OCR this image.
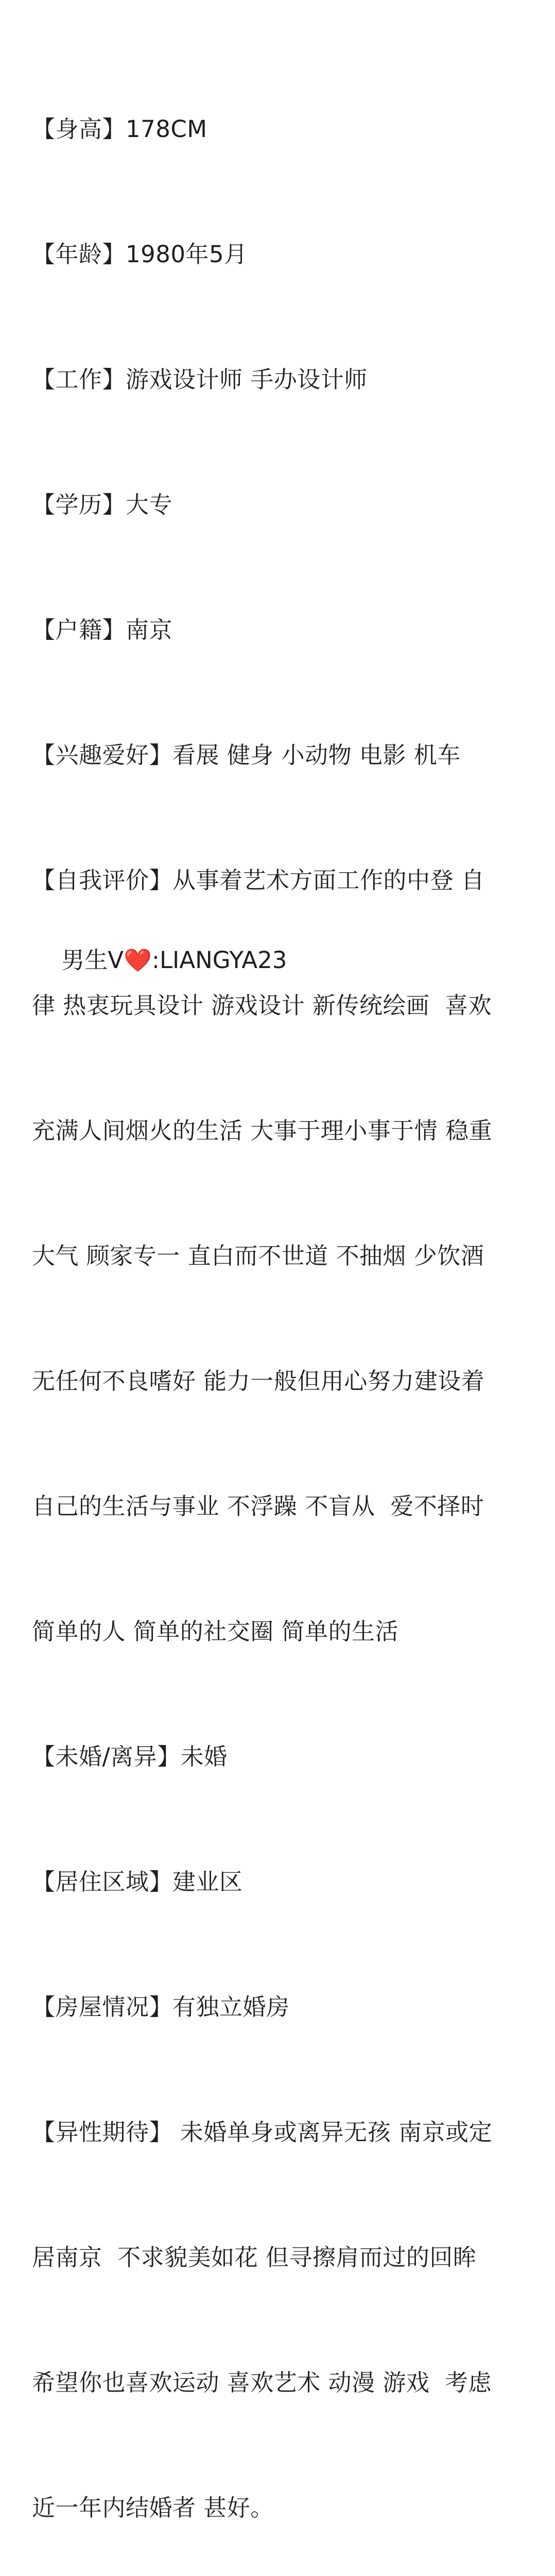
【身高】178CM

【年龄】1980年5月

【工作】游戏设计师 手办设计师

【学历】大专

【户籍】南京

【兴趣爱好】看展 健身 小动物 电影 机车

【自我评价】从事着艺术方面工作的中登 自

律 热衷玩具设计 游戏设计 新传统绘画  喜欢

充满人间烟火的生活 大事于理小事于情 稳重

大气 顾家专一 直白而不世道 不抽烟 少饮酒

无任何不良嗜好 能力一般但用心努力建设着

自己的生活与事业 不浮躁 不盲从  爱不择时

简单的人 简单的社交圈 简单的生活

【未婚/离异】未婚

【居住区域】建业区

【房屋情况】有独立婚房

【异性期待】 未婚单身或离异无孩 南京或定

居南京  不求貌美如花 但寻擦肩而过的回眸

希望你也喜欢运动 喜欢艺术 动漫 游戏  考虑

近一年内结婚者 甚好。

男生V❤️:LIANGYA23
